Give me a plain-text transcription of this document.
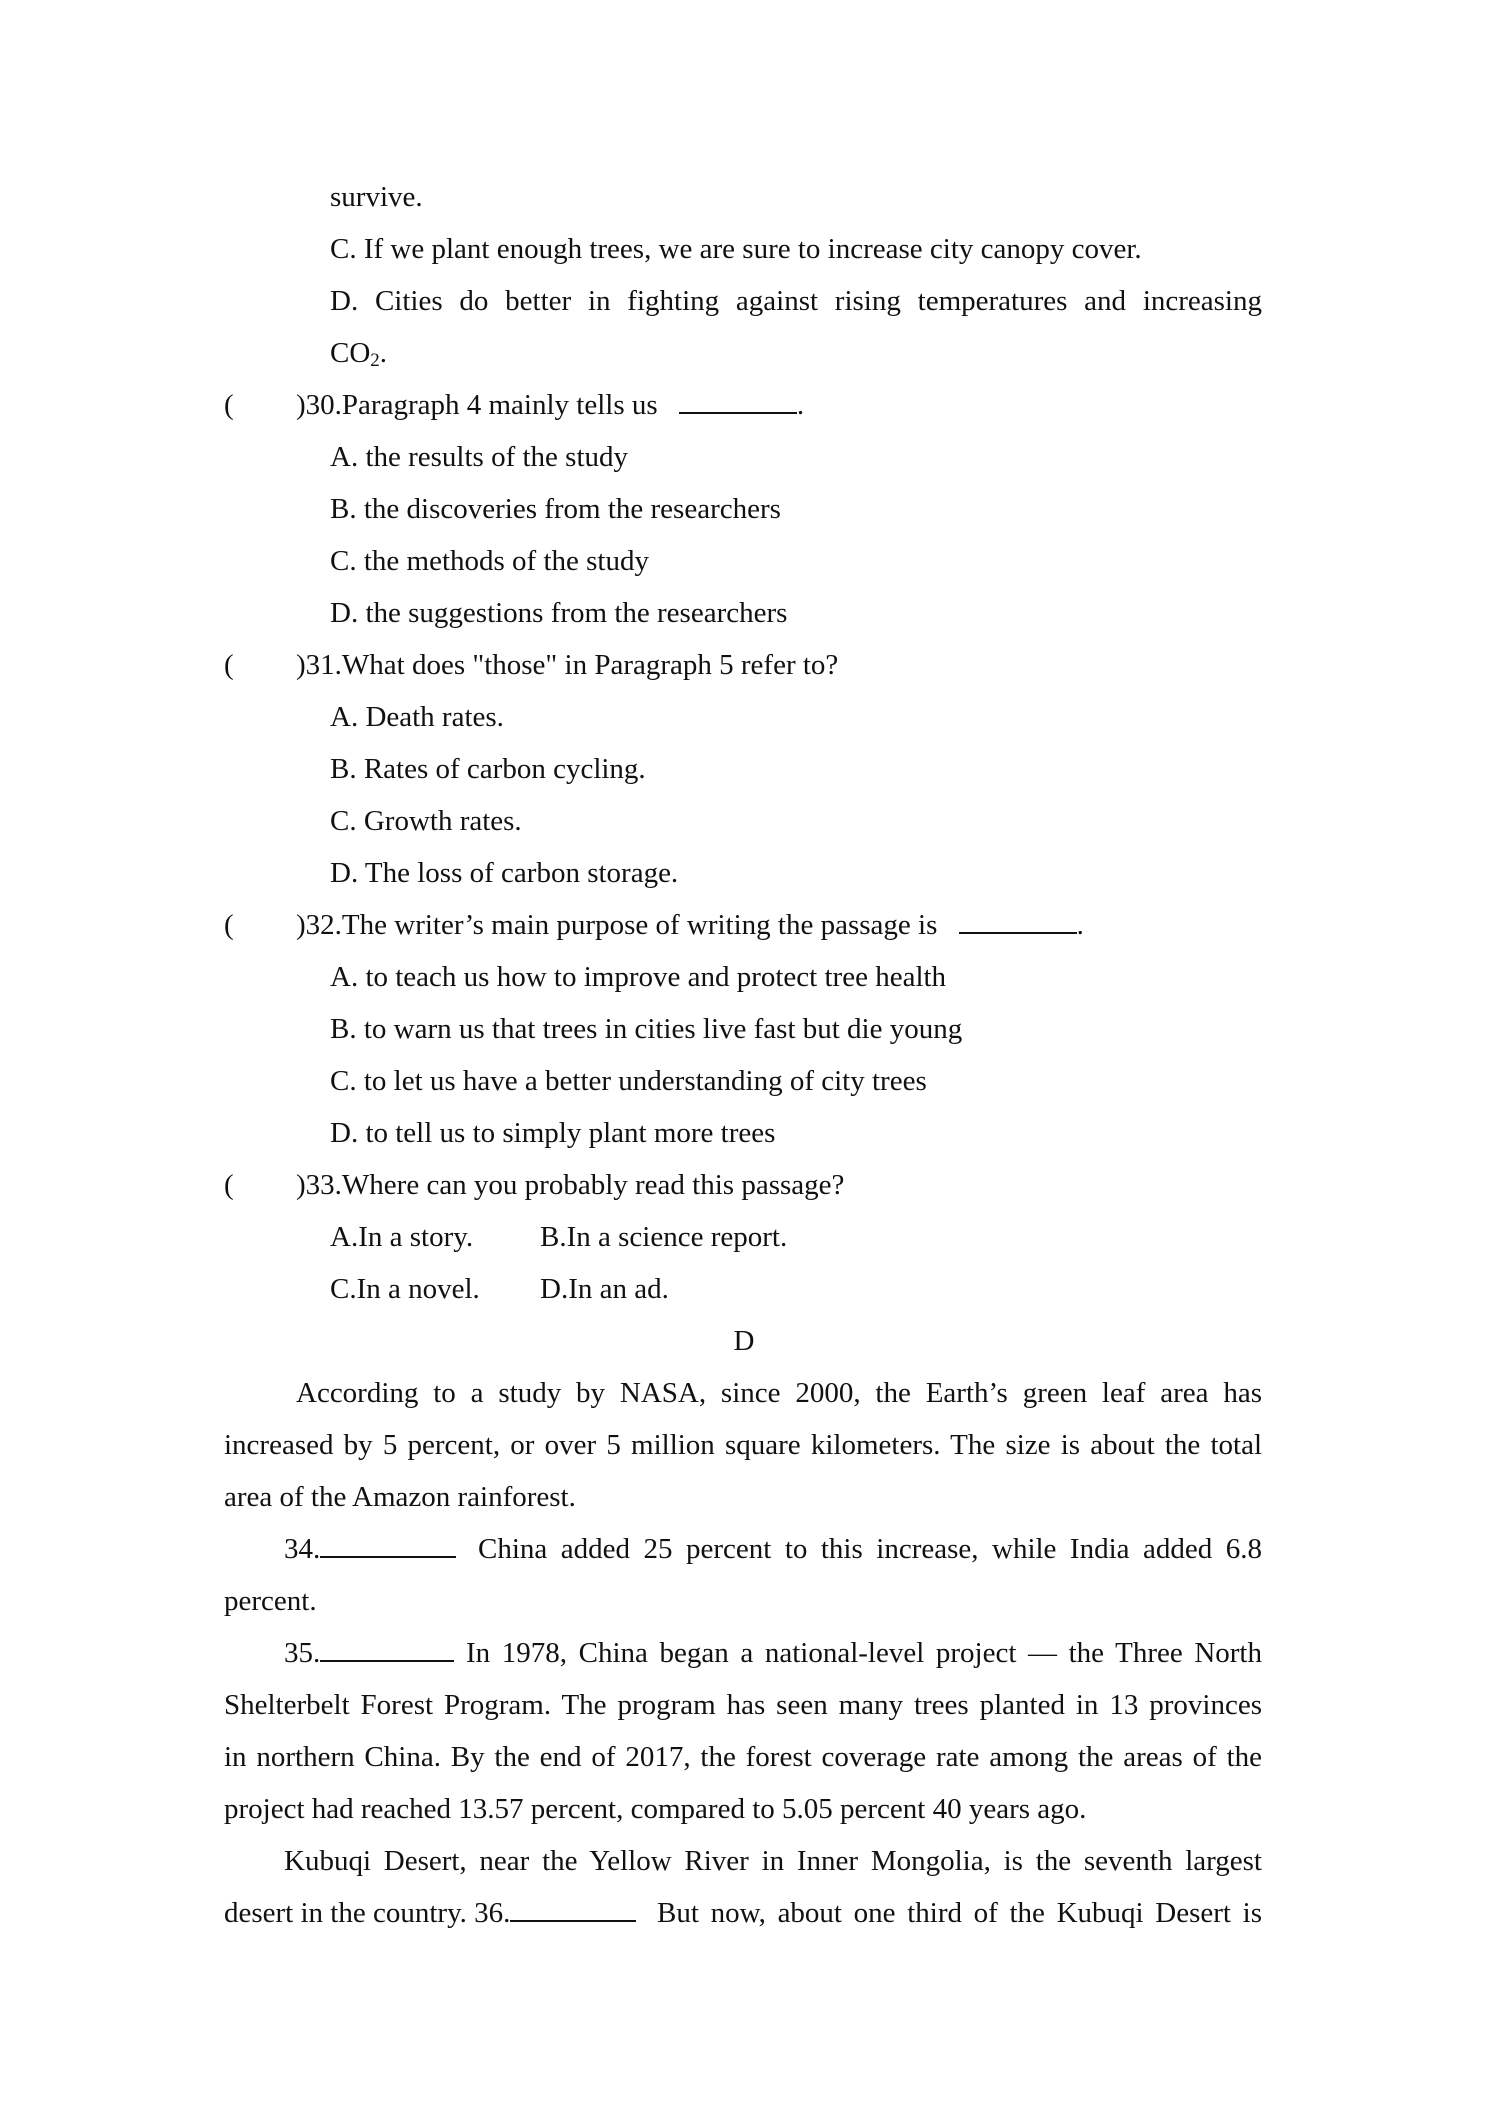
survive.
C. If we plant enough trees, we are sure to increase city canopy cover.
D. Cities do better in fighting against rising temperatures and increasing
$CO_2$.
( )30.Paragraph 4 mainly tells us	.
A. the results of the study
B. the discoveries from the researchers
C. the methods of the study
D. the suggestions from the researchers
( )31.What does "those" in Paragraph 5 refer to?
A. Death rates.
B. Rates of carbon cycling.
C. Growth rates.
D. The loss of carbon storage.
( )32.The writer’s main purpose of writing the passage is	.
A. to teach us how to improve and protect tree health
B. to warn us that trees in cities live fast but die young
C. to let us have a better understanding of city trees
D. to tell us to simply plant more trees
( )33.Where can you probably read this passage?
A.In a story. B.In a science report.
C.In a novel. D.In an ad.
D
According to a study by NASA, since 2000, the Earth’s green leaf area has
increased by 5 percent, or over 5 million square kilometers. The size is about the total
area of the Amazon rainforest.
34.	China added 25 percent to this increase, while India added 6.8
percent.
35.	In 1978, China began a national-level project — the Three North
Shelterbelt Forest Program. The program has seen many trees planted in 13 provinces
in northern China. By the end of 2017, the forest coverage rate among the areas of the
project had reached 13.57 percent, compared to 5.05 percent 40 years ago.
Kubuqi Desert, near the Yellow River in Inner Mongolia, is the seventh largest
desert in the country. 36.	But now, about one third of the Kubuqi Desert is
